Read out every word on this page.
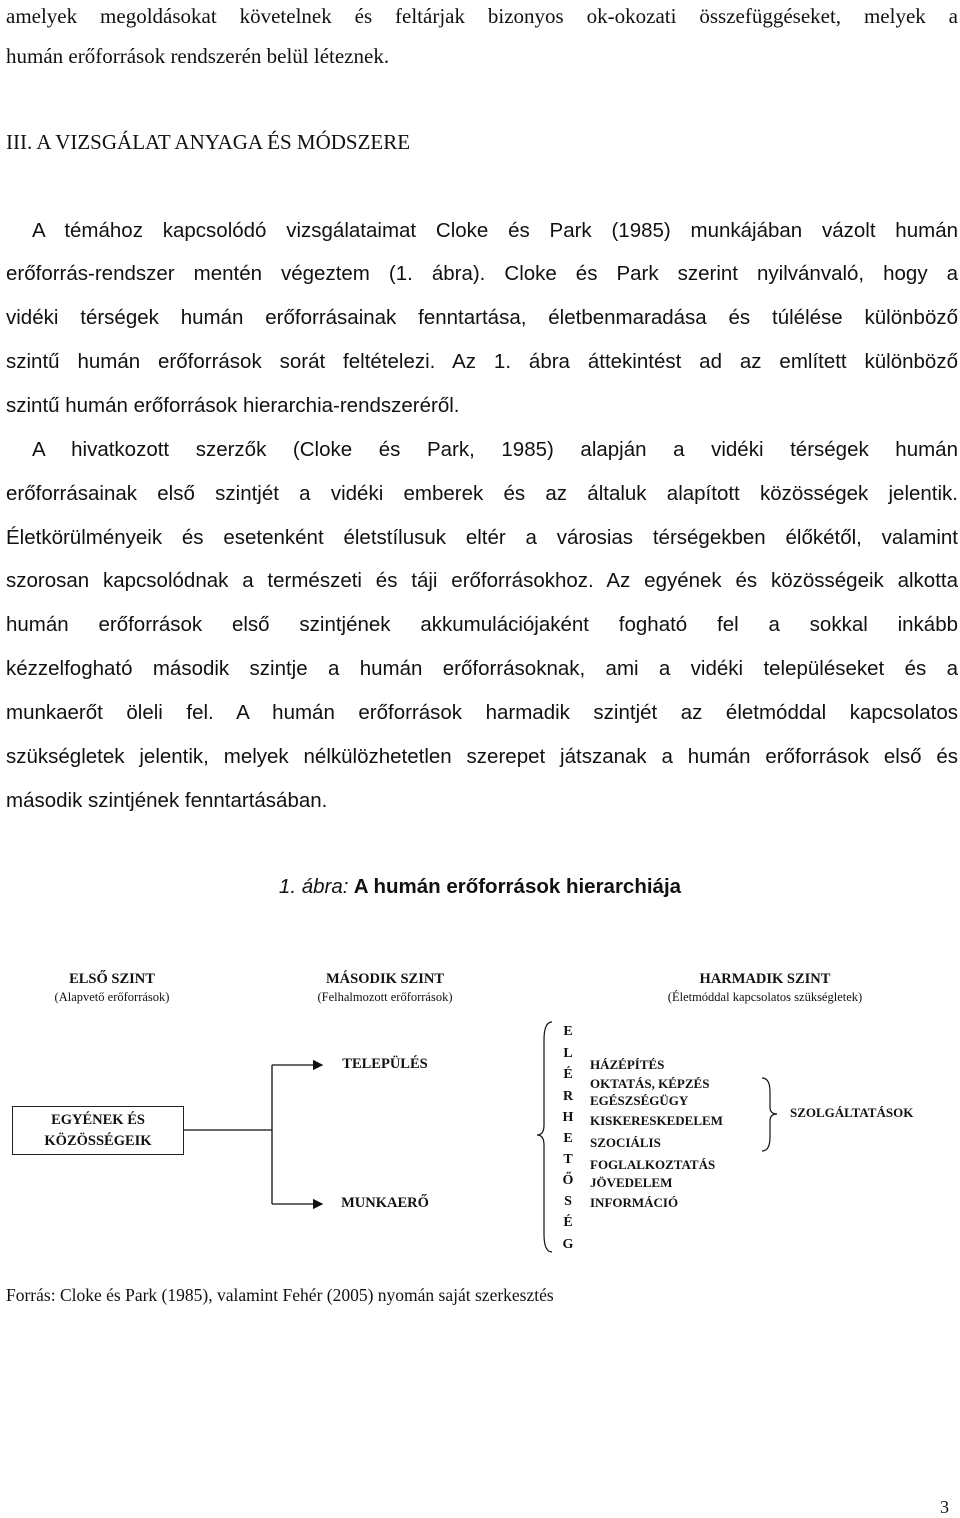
amelyek megoldásokat követelnek és feltárjak bizonyos ok-okozati összefüggéseket, melyek a
humán erőforrások rendszerén belül léteznek.
III. A VIZSGÁLAT ANYAGA ÉS MÓDSZERE
A témához kapcsolódó vizsgálataimat Cloke és Park (1985) munkájában vázolt humán
erőforrás-rendszer mentén végeztem (1. ábra). Cloke és Park szerint nyilvánvaló, hogy a
vidéki térségek humán erőforrásainak fenntartása, életbenmaradása és túlélése különböző
szintű humán erőforrások sorát feltételezi. Az 1. ábra áttekintést ad az említett különböző
szintű humán erőforrások hierarchia-rendszeréről.
A hivatkozott szerzők (Cloke és Park, 1985) alapján a vidéki térségek humán
erőforrásainak első szintjét a vidéki emberek és az általuk alapított közösségek jelentik.
Életkörülményeik és esetenként életstílusuk eltér a városias térségekben élőkétől, valamint
szorosan kapcsolódnak a természeti és táji erőforrásokhoz. Az egyének és közösségeik alkotta
humán erőforrások első szintjének akkumulációjaként fogható fel a sokkal inkább
kézzelfogható második szintje a humán erőforrásoknak, ami a vidéki településeket és a
munkaerőt öleli fel. A humán erőforrások harmadik szintjét az életmóddal kapcsolatos
szükségletek jelentik, melyek nélkülözhetetlen szerepet játszanak a humán erőforrások első és
második szintjének fenntartásában.
1. ábra: A humán erőforrások hierarchiája
ELSŐ SZINT
(Alapvető erőforrások)
MÁSODIK SZINT
(Felhalmozott erőforrások)
HARMADIK SZINT
(Életmóddal kapcsolatos szükségletek)
EGYÉNEK ÉS
KÖZÖSSÉGEIK
TELEPÜLÉS
MUNKAERŐ
E
L
É
R
H
E
T
Ő
S
É
G
HÁZÉPÍTÉS
OKTATÁS, KÉPZÉS
EGÉSZSÉGÜGY
KISKERESKEDELEM
SZOCIÁLIS
FOGLALKOZTATÁS
JÖVEDELEM
INFORMÁCIÓ
SZOLGÁLTATÁSOK
Forrás: Cloke és Park (1985), valamint Fehér (2005) nyomán saját szerkesztés
3
